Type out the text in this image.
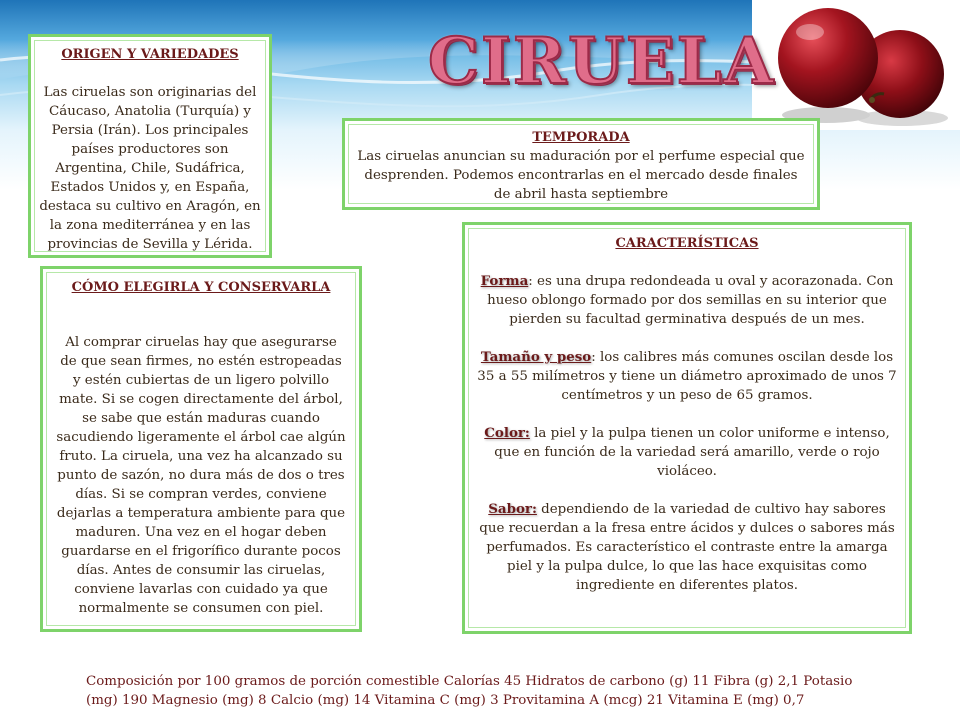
CIRUELA
ORIGEN Y VARIEDADES
Las ciruelas son originarias del Cáucaso, Anatolia (Turquía) y Persia (Irán). Los principales países productores son Argentina, Chile, Sudáfrica, Estados Unidos y, en España, destaca su cultivo en Aragón, en la zona mediterránea y en las provincias de Sevilla y Lérida.
TEMPORADA
Las ciruelas anuncian su maduración por el perfume especial que desprenden. Podemos encontrarlas en el mercado desde finales de abril hasta septiembre
CÓMO ELEGIRLA Y CONSERVARLA
Al comprar ciruelas hay que asegurarse de que sean firmes, no estén estropeadas y estén cubiertas de un ligero polvillo mate. Si se cogen directamente del árbol, se sabe que están maduras cuando sacudiendo ligeramente el árbol cae algún fruto. La ciruela, una vez ha alcanzado su punto de sazón, no dura más de dos o tres días. Si se compran verdes, conviene dejarlas a temperatura ambiente para que maduren. Una vez en el hogar deben guardarse en el frigorífico durante pocos días. Antes de consumir las ciruelas, conviene lavarlas con cuidado ya que normalmente se consumen con piel.
CARACTERÍSTICAS

Forma: es una drupa redondeada u oval y acorazonada. Con hueso oblongo formado por dos semillas en su interior que pierden su facultad germinativa después de un mes.

Tamaño y peso: los calibres más comunes oscilan desde los 35 a 55 milímetros y tiene un diámetro aproximado de unos 7 centímetros y un peso de 65 gramos.

Color: la piel y la pulpa tienen un color uniforme e intenso, que en función de la variedad será amarillo, verde o rojo violáceo.

Sabor: dependiendo de la variedad de cultivo hay sabores que recuerdan a la fresa entre ácidos y dulces o sabores más perfumados. Es característico el contraste entre la amarga piel y la pulpa dulce, lo que las hace exquisitas como ingrediente en diferentes platos.

Composición por 100 gramos de porción comestible Calorías 45 Hidratos de carbono (g) 11 Fibra (g) 2,1 Potasio (mg) 190 Magnesio (mg) 8 Calcio (mg) 14 Vitamina C (mg) 3 Provitamina A (mcg) 21 Vitamina E (mg) 0,7
